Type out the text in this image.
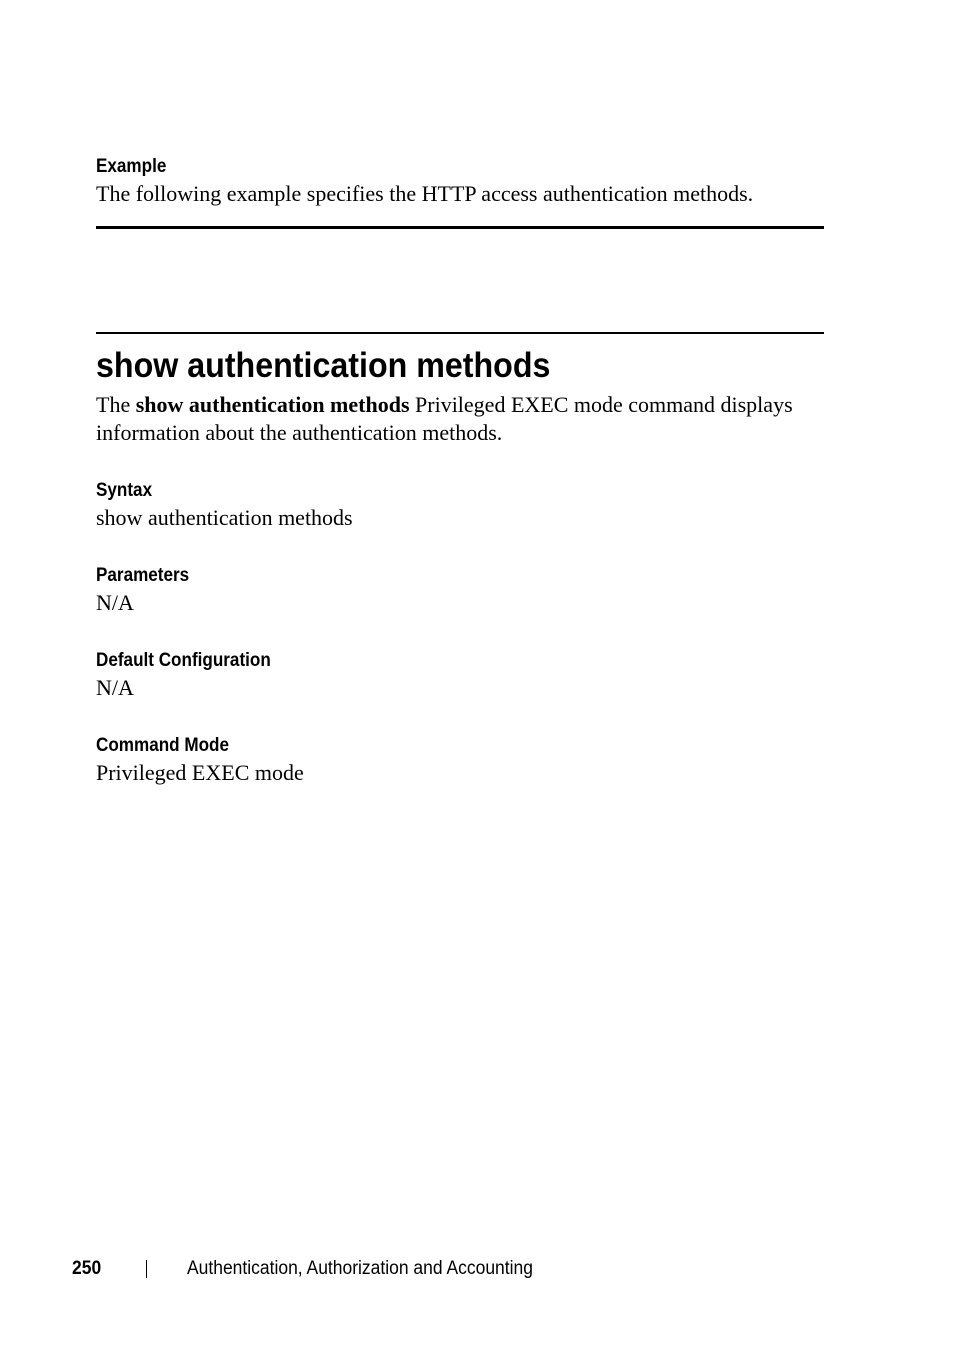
Example
The following example specifies the HTTP access authentication methods.
show authentication methods
The show authentication methods Privileged EXEC mode command displays
information about the authentication methods.
Syntax
show authentication methods
Parameters
N/A
Default Configuration
N/A
Command Mode
Privileged EXEC mode
250	Authentication, Authorization and Accounting
